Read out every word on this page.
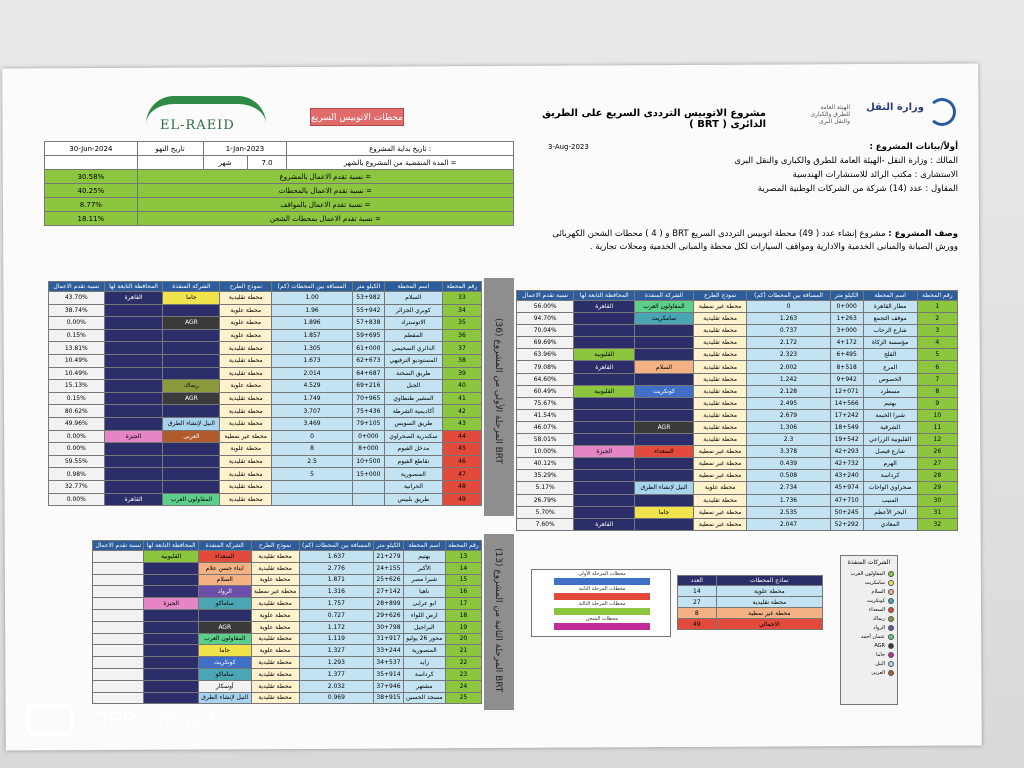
EL-RAEID	محطات الاتوبيس السريع	مشروع الاتوبيس الترددى السريع على الطريق الدائرى ( BRT )
الهيئة العامة للطرق والكبارى والنقل البرى
وزارة النقل
3-Aug-2023	أولاً/بيانات المشروع :
المالك : وزارة النقل -الهيئة العامة للطرق والكبارى والنقل البرى
الاستشارى : مكتب الرائد للاستشارات الهندسية
المقاول : عدد (14) شركة من الشركات الوطنية المصرية
وصف المشروع : مشروع إنشاء عدد ( 49) محطة اتوبيس الترددى السريع BRT و ( 4 ) محطات الشحن الكهربائى وورش الصيانة والمبانى الخدمية والادارية ومواقف السيارات لكل محطة والمبانى الخدمية ومحلات تجارية .
30-Jun-2024	تاريخ النهو	1-Jan-2023		تاريخ بداية المشروع :
		شهر	7.0	المدة المنقضية من المشروع بالشهر =
30.58%	نسبة تقدم الاعمال بالمشروع =			
40.25%	نسبة تقدم الاعمال بالمحطات =			
8.77%	نسبة تقدم الاعمال بالمواقف =			
18.11%	نسبة تقدم الاعمال بمحطات الشحن =			
نسبة تقدم الاعمال	المحافظة التابعة لها	الشركة المنفذة	نموذج الطرح	المسافة بين المحطات (كم)	الكيلو متر	اسم المحطة	رقم المحطة
43.70%	القاهرة	جاما	محطة تقليدية	1.00	53+982	السلام	33
38.74%			محطة علوية	1.96	55+942	كوبري الجزائر	34
0.00%		AGR	محطة علوية	1.896	57+838	الاتوستراد	35
0.15%			محطة علوية	1.857	59+695	المقطم	36
13.81%			محطة تقليدية	1.305	61+000	الدائري السحيمي	37
10.49%			محطة تقليدية	1.673	62+673	المستوديو الترفيهي	38
10.49%			محطة تقليدية	2.014	64+687	طريق السخنة	39
15.13%		ريماك	محطة علوية	4.529	69+216	الجبل	40
0.15%		AGR	محطة تقليدية	1.749	70+965	المشير طنطاوي	41
80.62%			محطة تقليدية	3.707	75+436	أكاديمية الشرطة	42
49.96%		النيل لإنشاء الطرق	محطة تقليدية	3.469	79+105	طريق السويس	43
0.00%	الجيزة	العربى	محطة غير نمطية	0	0+000	سكندرية الصحراوي	44
0.00%			محطة علوية	8	8+000	مدخل الفيوم	45
59.55%			محطة تقليدية	2.5	10+500	تقاطع الفيوم	46
0.98%			محطة تقليدية	5	15+000	المنصورية	47
32.77%			محطة تقليدية			الحرانية	48
0.00%	القاهرة	المقاولون العرب	محطة تقليدية			طريق بلبيس	49
المرحلة الأولى من المشروع (36) BRT
نسبة تقدم الاعمال	المحافظة التابعة لها	الشركة المنفذة	نموذج الطرح	المسافة بين المحطات (كم)	الكيلو متر	اسم المحطة	رقم المحطة
	القليوبية	السعداء	محطة تقليدية	1.637	21+279	بهتيم	13
		ابناء حسن علام	محطة تقليدية	2.776	24+155	الأكبر	14
		السلام	محطة علوية	1.871	25+626	شبرا مصر	15
		الرواد	محطة غير نمطية	1.316	27+142	ناهيا	16
	الجيزة	ساماكو	محطة تقليدية	1.757	28+899	ابو عرابى	17
			محطة علوية	0.727	29+626	ارض اللواء	18
		AGR	محطة علوية	1.172	30+798	البراجيل	19
		المقاولون العرب	محطة تقليدية	1.119	31+917	محور 26 يوليو	20
		جاما	محطة علوية	1.327	33+244	المنصورية	21
		كونكريت	محطة تقليدية	1.293	34+537	زايد	22
		ساماكو	محطة تقليدية	1.377	35+914	كرداسة	23
		أوسكار	محطة تقليدية	2.032	37+946	مشتهر	24
		النيل لإنشاء الطرق	محطة تقليدية	0.969	38+915	مسجد الحسين	25
المرحلة الثانية من المشروع (13) BRT
نسبة تقدم الاعمال	المحافظة التابعة لها	الشركة المنفذة	نموذج الطرح	المسافة بين المحطات (كم)	الكيلو متر	اسم المحطة	رقم المحطة
56.00%	القاهرة	المقاولون العرب	محطة غير نمطية	0	0+000	مطار القاهرة	1
94.70%		سامكريت	محطة تقليدية	1.263	1+263	موقف التجمع	2
70.04%			محطة تقليدية	0.737	3+000	شارع الرحاب	3
69.69%			محطة تقليدية	2.172	4+172	مؤسسة الزكاة	4
63.96%	القليوبية		محطة تقليدية	2.323	6+495	القلج	5
79.08%	القاهرة	السلام	محطة تقليدية	2.002	8+518	المرج	6
64.60%			محطة تقليدية	1.242	9+942	الخصوص	7
60.49%	القليوبية	كونكريت	محطة تقليدية	2.128	12+071	مسطرد	8
75.67%			محطة تقليدية	2.495	14+566	بهتيم	9
41.54%			محطة تقليدية	2.679	17+242	شبرا الخيمة	10
46.07%		AGR	محطة تقليدية	1.306	18+549	الشرقية	11
58.01%			محطة تقليدية	2.3	19+542	القليوبية الزراعي	12
10.00%	الجيزة	السعداء	محطة غير نمطية	3.378	42+293	شارع فيصل	26
40.12%			محطة غير نمطية	0.439	42+732	الهرم	27
35.29%			محطة غير نمطية	0.508	43+240	كرداسة	28
5.17%		النيل لإنشاء الطرق	محطة علوية	2.734	45+974	صحراوي الواحات	29
26.79%			محطة تقليدية	1.736	47+710	المنيب	30
5.70%		جاما	محطة غير نمطية	2.535	50+245	البحر الأعظم	31
7.60%	القاهرة		محطة غير نمطية	2.047	52+292	المعادي	32
محطات المرحلة الأولى
محطات المرحلة الثانية
محطات المرحلة الثالثة
محطات الشحن
العدد	نماذج المحطات
14	محطة علوية
27	محطة تقليدية
8	محطة غير نمطية
49	الاجمالي
الشركات المنفذة
المقاولون العرب
سامكريت
السلام
كونكريت
السعداء
ريماك
الرواد
عثمان أحمد
AGR
جاما
النيل
العربى
OPPO Reno5
